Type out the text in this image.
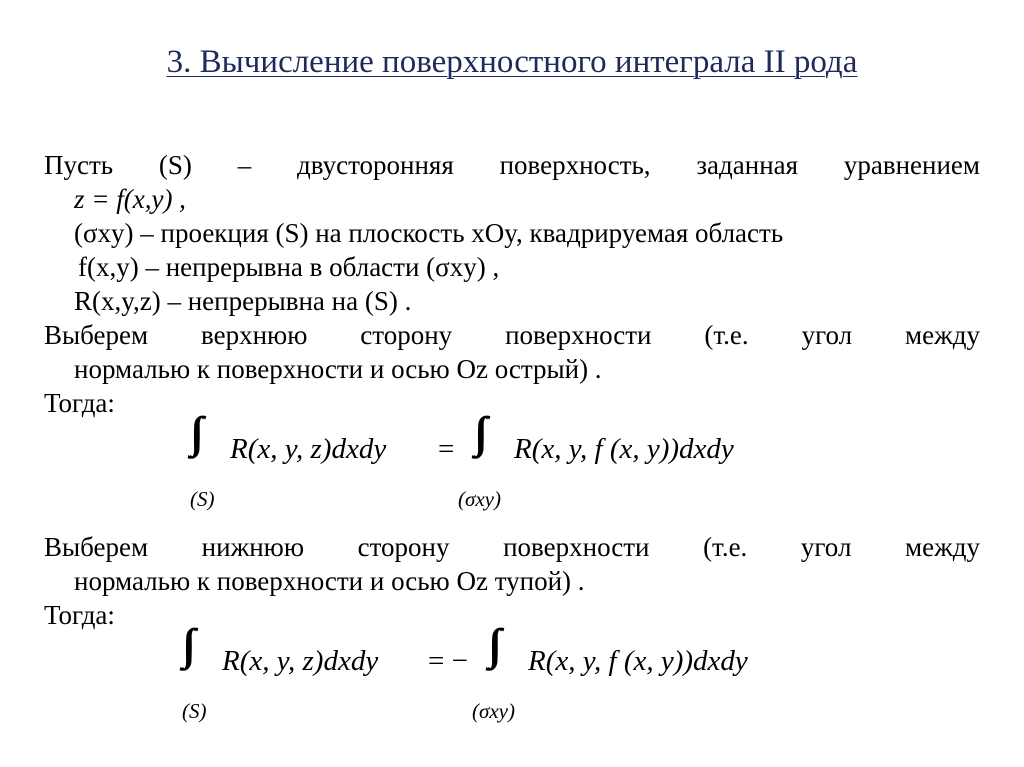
3. Вычисление поверхностного интеграла II рода
Пусть (S) – двусторонняя поверхность, заданная уравнением
z = f(x,y) ,
(σxy) – проекция (S) на плоскость xOy, квадрируемая область
f(x,y) – непрерывна в области (σxy) ,
R(x,y,z) – непрерывна на (S) .
Выберем верхнюю сторону поверхности (т.е. угол между
нормалью к поверхности и осью Oz острый) .
Тогда:
R(x, y, z)dxdy = R(x, y, f (x, y))dxdy
(S)	(σxy)
Выберем нижнюю сторону поверхности (т.е. угол между
нормалью к поверхности и осью Oz тупой) .
Тогда:
R(x, y, z)dxdy = − R(x, y, f (x, y))dxdy
(S)	(σxy)
